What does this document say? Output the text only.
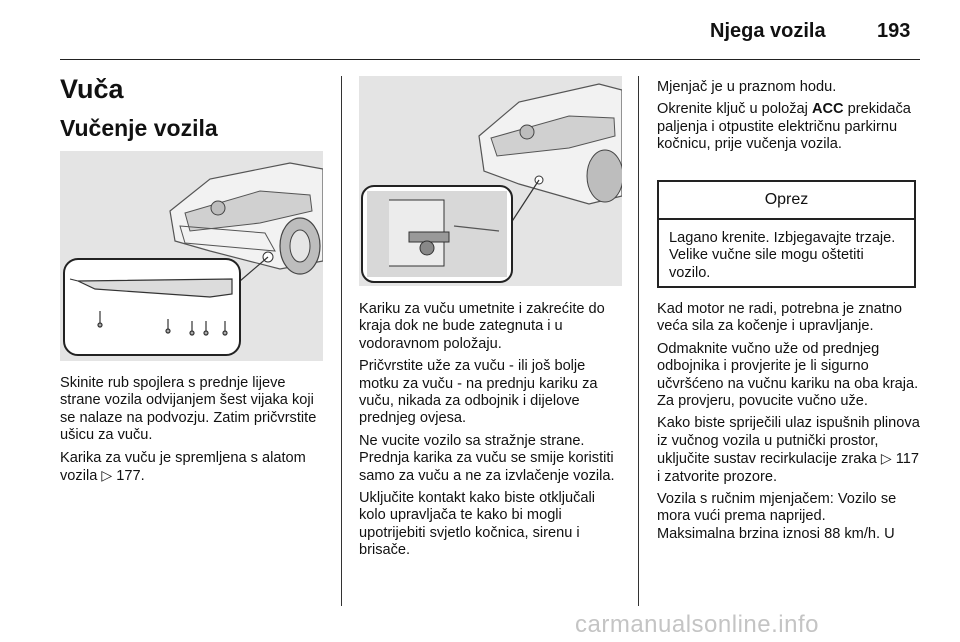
Njega vozila	193
Vuča
Vučenje vozila

Skinite rub spojlera s prednje lijeve strane vozila odvijanjem šest vijaka koji se nalaze na podvozju. Zatim pričvrstite ušicu za vuču.

Karika za vuču je spremljena s alatom vozila ▷ 177.

Kariku za vuču umetnite i zakrećite do kraja dok ne bude zategnuta i u vodoravnom položaju.

Pričvrstite uže za vuču - ili još bolje motku za vuču - na prednju kariku za vuču, nikada za odbojnik i dijelove prednjeg ovjesa.

Ne vucite vozilo sa stražnje strane. Prednja karika za vuču se smije koristiti samo za vuču a ne za izvlačenje vozila.

Uključite kontakt kako biste otključali kolo upravljača te kako bi mogli upotrijebiti svjetlo kočnica, sirenu i brisače.

Mjenjač je u praznom hodu.

Okrenite ključ u položaj ACC prekidača paljenja i otpustite električnu parkirnu kočnicu, prije vučenja vozila.

Oprez
Lagano krenite. Izbjegavajte trzaje. Velike vučne sile mogu oštetiti vozilo.

Kad motor ne radi, potrebna je znatno veća sila za kočenje i upravljanje.

Odmaknite vučno uže od prednjeg odbojnika i provjerite je li sigurno učvršćeno na vučnu kariku na oba kraja. Za provjeru, povucite vučno uže.

Kako biste spriječili ulaz ispušnih plinova iz vučnog vozila u putnički prostor, uključite sustav recirkulacije zraka ▷ 117 i zatvorite prozore.

Vozila s ručnim mjenjačem: Vozilo se mora vući prema naprijed.

Maksimalna brzina iznosi 88 km/h. U

carmanualsonline.info
